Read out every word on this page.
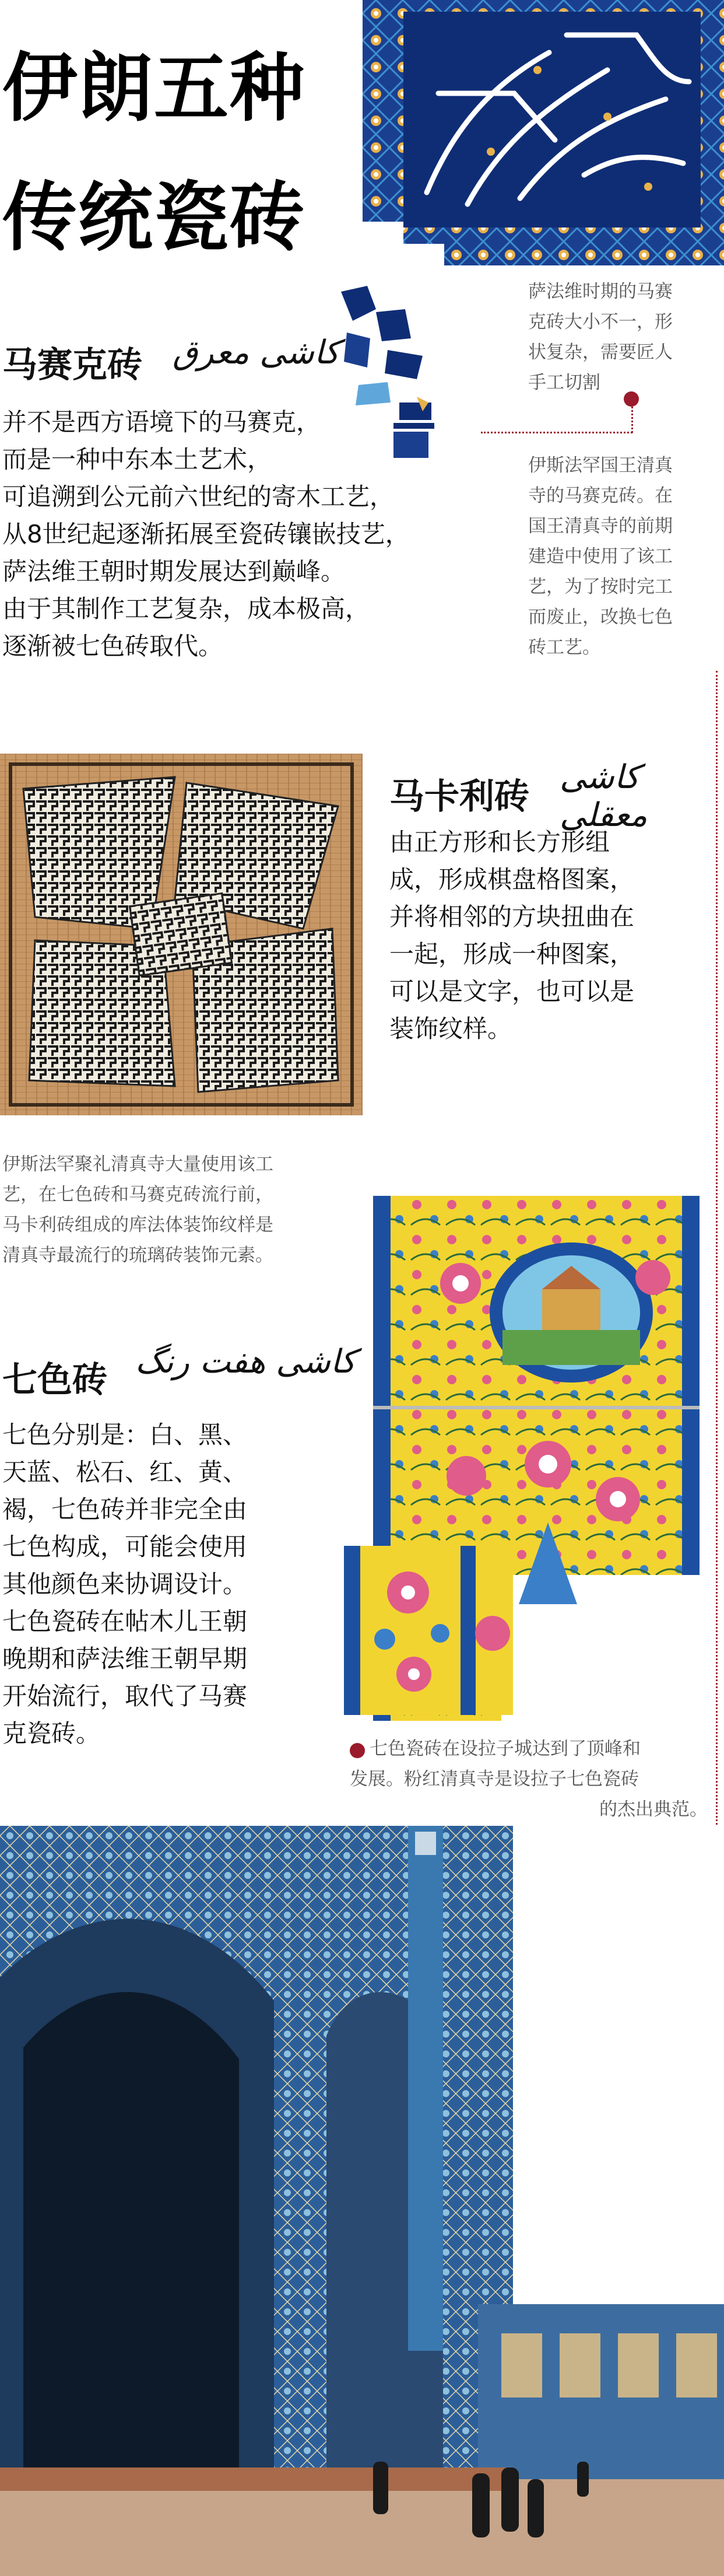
伊朗五种
传统瓷砖
萨法维时期的马赛
克砖大小不一，形
状复杂，需要匠人
手工切割
马赛克砖 کاشی معرق
并不是西方语境下的马赛克，
而是一种中东本土艺术，
可追溯到公元前六世纪的寄木工艺，
从8世纪起逐渐拓展至瓷砖镶嵌技艺，
萨法维王朝时期发展达到巅峰。
由于其制作工艺复杂，成本极高，
逐渐被七色砖取代。
伊斯法罕国王清真
寺的马赛克砖。在
国王清真寺的前期
建造中使用了该工
艺，为了按时完工
而废止，改换七色
砖工艺。
马卡利砖 کاشی معقلی
由正方形和长方形组
成，形成棋盘格图案，
并将相邻的方块扭曲在
一起，形成一种图案，
可以是文字，也可以是
装饰纹样。
伊斯法罕聚礼清真寺大量使用该工
艺，在七色砖和马赛克砖流行前，
马卡利砖组成的库法体装饰纹样是
清真寺最流行的琉璃砖装饰元素。
七色砖 کاشی هفت رنگ
七色分别是：白、黑、
天蓝、松石、红、黄、
褐，七色砖并非完全由
七色构成，可能会使用
其他颜色来协调设计。
七色瓷砖在帖木儿王朝
晚期和萨法维王朝早期
开始流行，取代了马赛
克瓷砖。
七色瓷砖在设拉子城达到了顶峰和
发展。粉红清真寺是设拉子七色瓷砖
的杰出典范。
